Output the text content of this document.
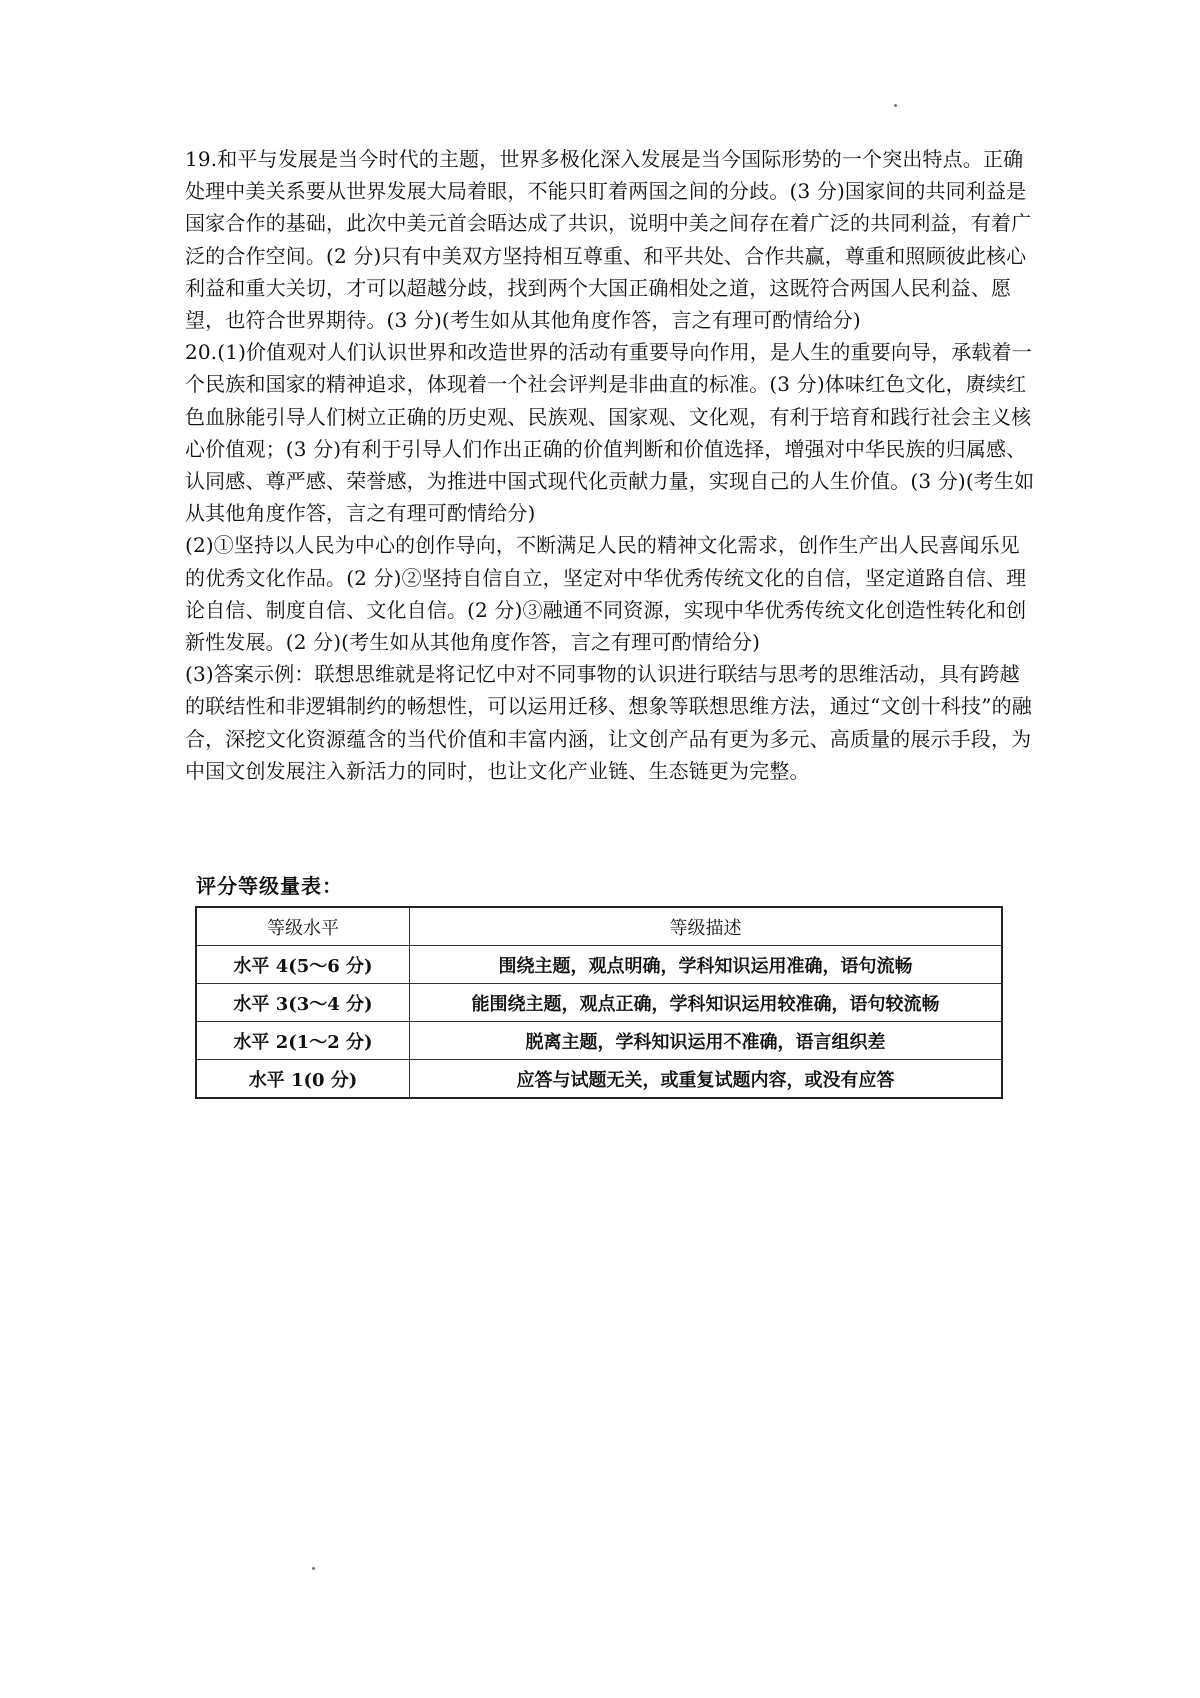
19.和平与发展是当今时代的主题，世界多极化深入发展是当今国际形势的一个突出特点。正确处理中美关系要从世界发展大局着眼，不能只盯着两国之间的分歧。(3 分)国家间的共同利益是国家合作的基础，此次中美元首会晤达成了共识，说明中美之间存在着广泛的共同利益，有着广泛的合作空间。(2 分)只有中美双方坚持相互尊重、和平共处、合作共赢，尊重和照顾彼此核心利益和重大关切，才可以超越分歧，找到两个大国正确相处之道，这既符合两国人民利益、愿望，也符合世界期待。(3 分)(考生如从其他角度作答，言之有理可酌情给分)

20.(1)价值观对人们认识世界和改造世界的活动有重要导向作用，是人生的重要向导，承载着一个民族和国家的精神追求，体现着一个社会评判是非曲直的标准。(3 分)体味红色文化，赓续红色血脉能引导人们树立正确的历史观、民族观、国家观、文化观，有利于培育和践行社会主义核心价值观；(3 分)有利于引导人们作出正确的价值判断和价值选择，增强对中华民族的归属感、认同感、尊严感、荣誉感，为推进中国式现代化贡献力量，实现自己的人生价值。(3 分)(考生如从其他角度作答，言之有理可酌情给分)

(2)①坚持以人民为中心的创作导向，不断满足人民的精神文化需求，创作生产出人民喜闻乐见的优秀文化作品。(2 分)②坚持自信自立，坚定对中华优秀传统文化的自信，坚定道路自信、理论自信、制度自信、文化自信。(2 分)③融通不同资源，实现中华优秀传统文化创造性转化和创新性发展。(2 分)(考生如从其他角度作答，言之有理可酌情给分)

(3)答案示例：联想思维就是将记忆中对不同事物的认识进行联结与思考的思维活动，具有跨越的联结性和非逻辑制约的畅想性，可以运用迁移、想象等联想思维方法，通过“文创十科技”的融合，深挖文化资源蕴含的当代价值和丰富内涵，让文创产品有更为多元、高质量的展示手段，为中国文创发展注入新活力的同时，也让文化产业链、生态链更为完整。

评分等级量表：
等级水平	等级描述
水平 4(5～6 分)	围绕主题，观点明确，学科知识运用准确，语句流畅
水平 3(3～4 分)	能围绕主题，观点正确，学科知识运用较准确，语句较流畅
水平 2(1～2 分)	脱离主题，学科知识运用不准确，语言组织差
水平 1(0 分)	应答与试题无关，或重复试题内容，或没有应答
